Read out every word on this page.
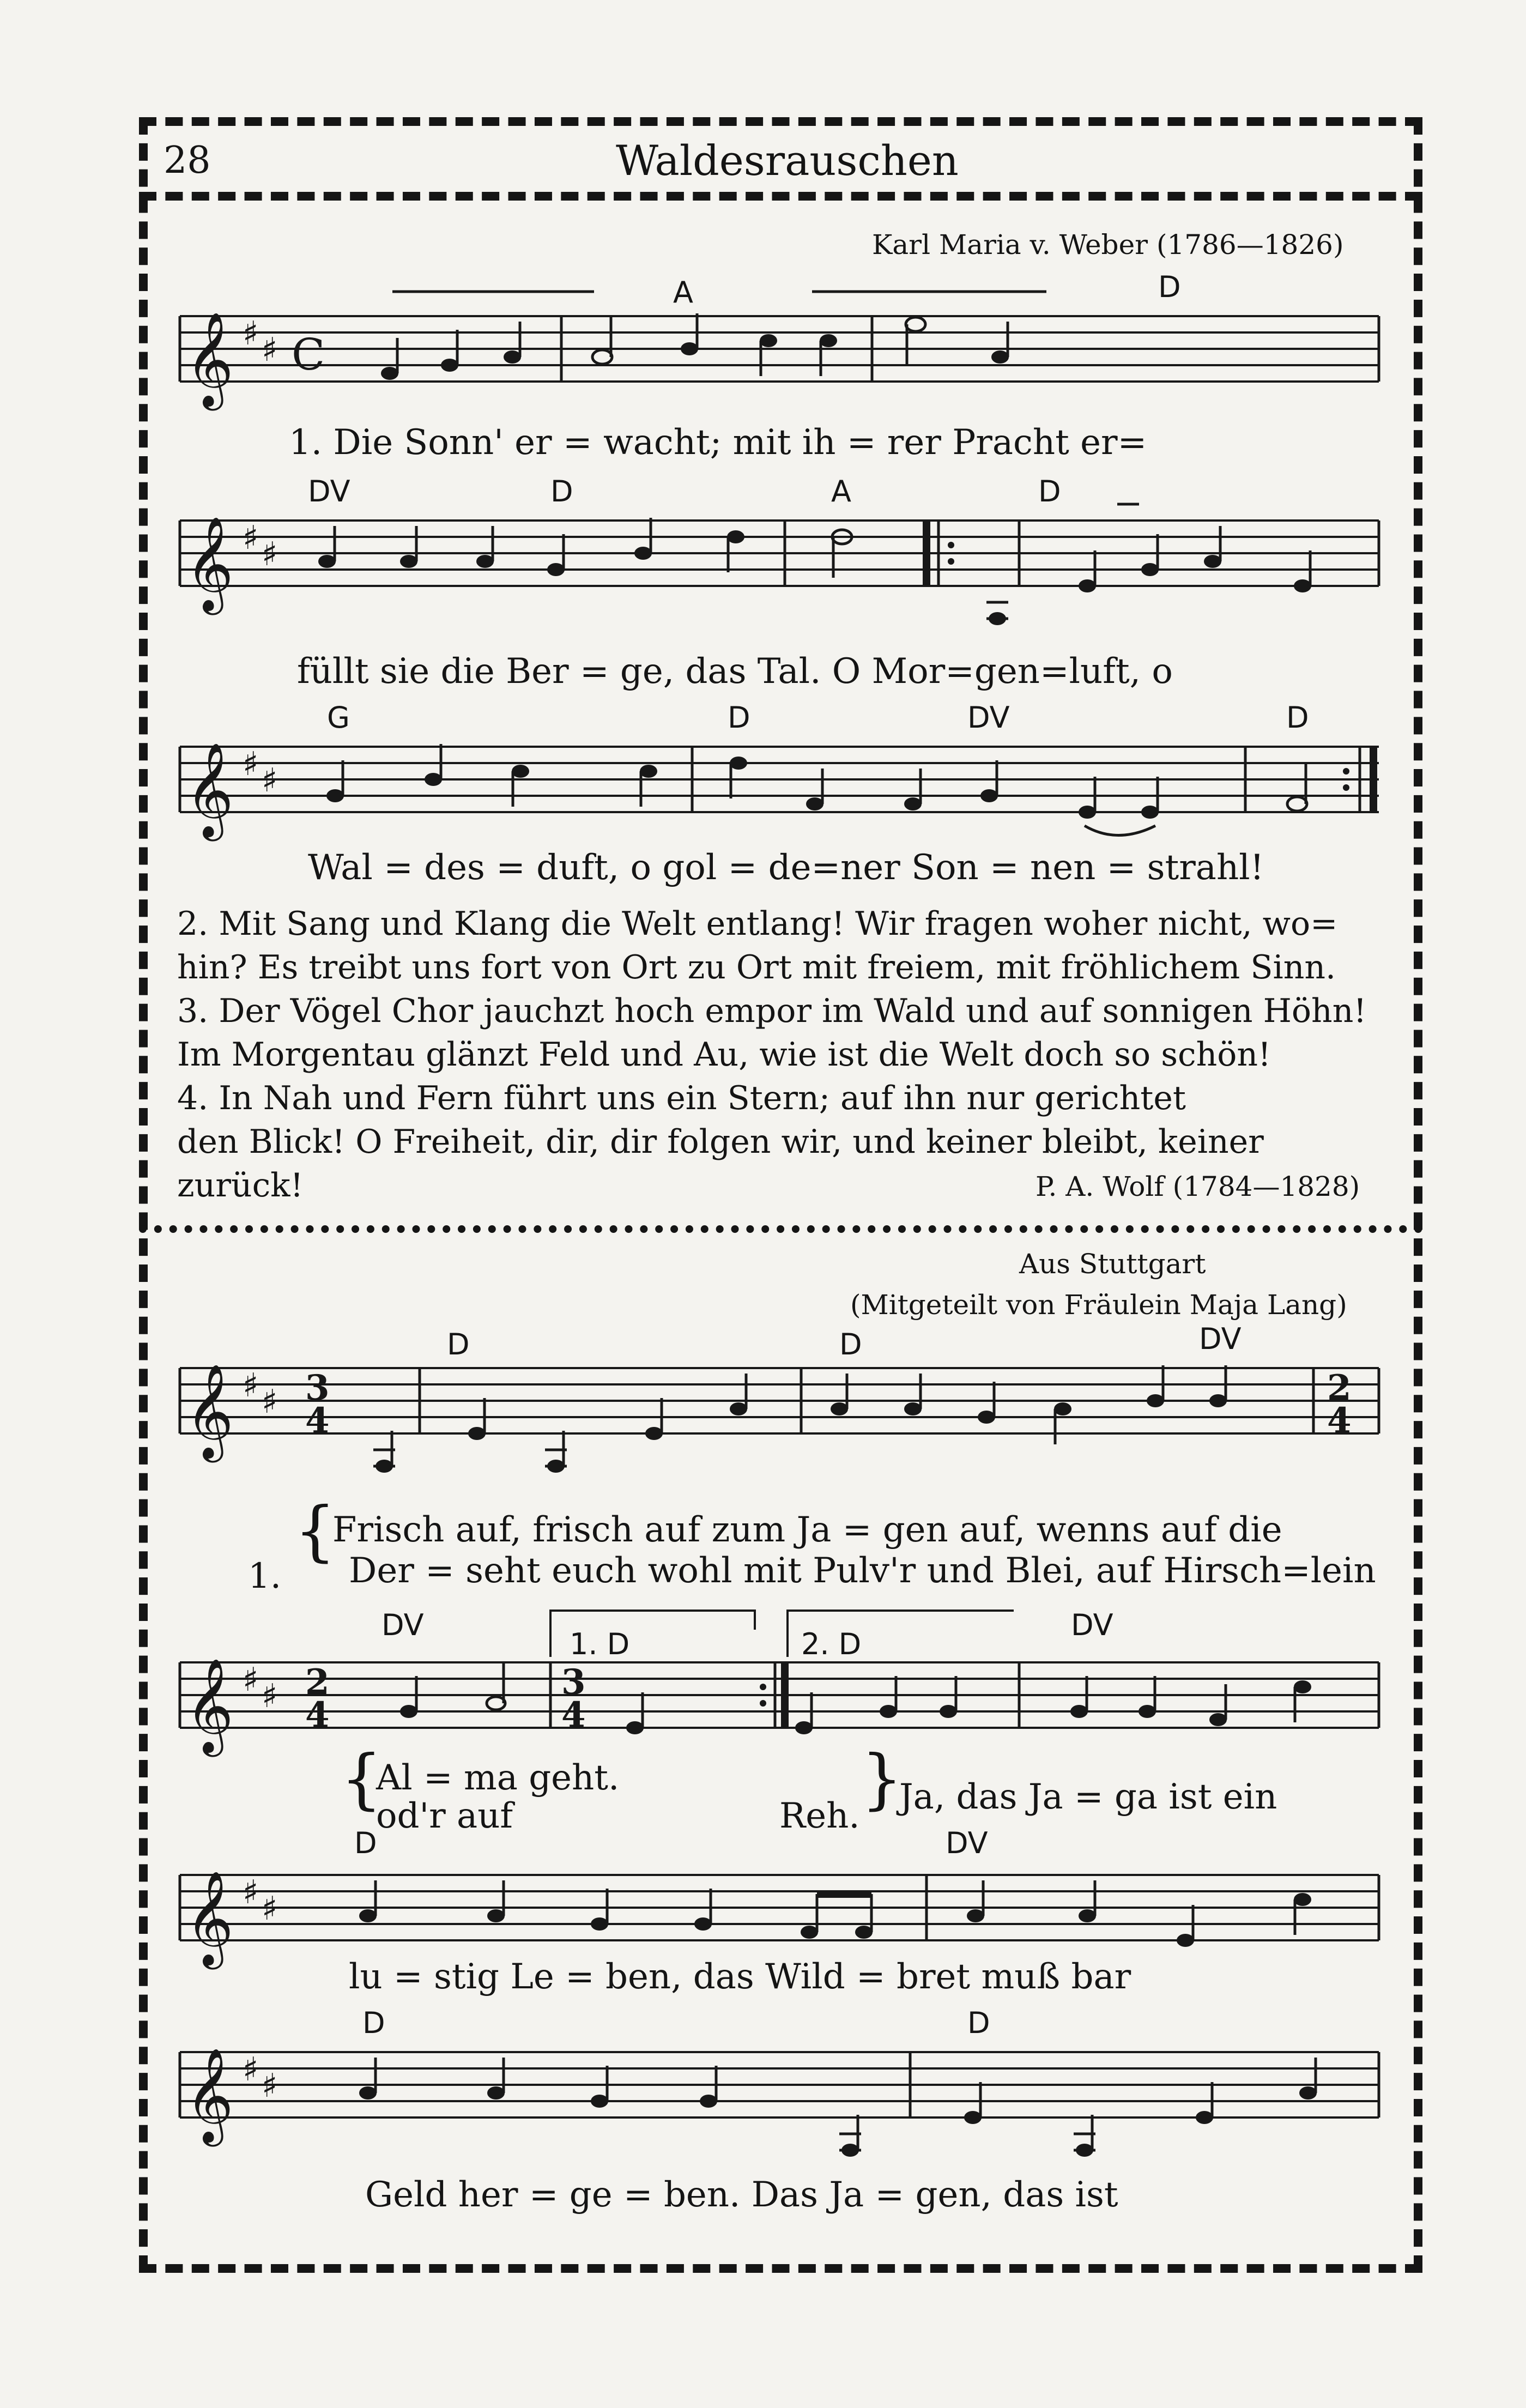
28	Waldesrauschen
Karl Maria v. Weber (1786—1826)
A	D
𝄞 ♯ ♯ C
1. Die Sonn' er = wacht; mit ih = rer Pracht er=
DV	D	A	D
𝄞 ♯ ♯
füllt sie die Ber = ge, das Tal. O Mor=gen=luft, o
G	D	DV	D
𝄞 ♯ ♯
Wal = des = duft, o gol = de=ner Son = nen = strahl!
2. Mit Sang und Klang die Welt entlang! Wir fragen woher nicht, wo=
hin? Es treibt uns fort von Ort zu Ort mit freiem, mit fröhlichem Sinn.
3. Der Vögel Chor jauchzt hoch empor im Wald und auf sonnigen Höhn!
Im Morgentau glänzt Feld und Au, wie ist die Welt doch so schön!
4. In Nah und Fern führt uns ein Stern; auf ihn nur gerichtet
den Blick! O Freiheit, dir, dir folgen wir, und keiner bleibt, keiner
zurück!	P. A. Wolf (1784—1828)
Aus Stuttgart
(Mitgeteilt von Fräulein Maja Lang)
D	D	DV
𝄞 ♯ ♯ 3
4
2
4
1.
{
Frisch auf, frisch auf zum Ja = gen auf, wenns auf die
Der = seht euch wohl mit Pulv'r und Blei, auf Hirsch=lein
DV	DV
1. D	2. D
𝄞 ♯ ♯ 2
4
3
4
{
Al = ma geht.
od'r auf	Reh. }
Ja, das Ja = ga ist ein
D	DV
𝄞 ♯ ♯
lu = stig Le = ben, das Wild = bret muß bar
D	D
𝄞 ♯ ♯
Geld her = ge = ben. Das Ja = gen, das ist
